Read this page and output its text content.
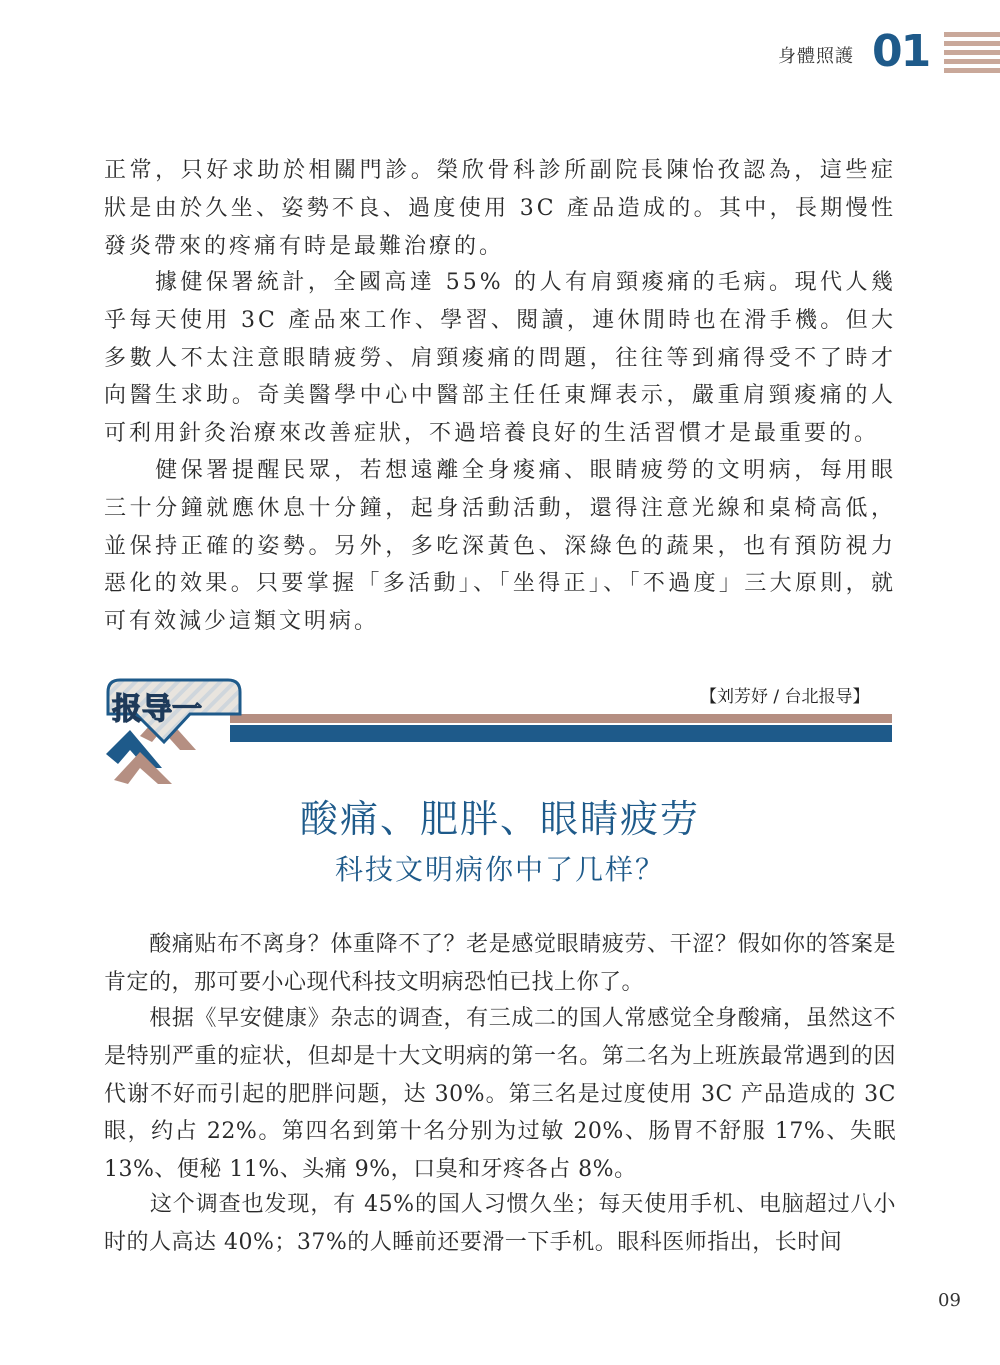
身體照護 01

正常，只好求助於相關門診。榮欣骨科診所副院長陳怡孜認為，這些症狀是由於久坐、姿勢不良、過度使用 3C 產品造成的。其中，長期慢性發炎帶來的疼痛有時是最難治療的。

　　據健保署統計，全國高達 55% 的人有肩頸痠痛的毛病。現代人幾乎每天使用 3C 產品來工作、學習、閱讀，連休閒時也在滑手機。但大多數人不太注意眼睛疲勞、肩頸痠痛的問題，往往等到痛得受不了時才向醫生求助。奇美醫學中心中醫部主任任東輝表示，嚴重肩頸痠痛的人可利用針灸治療來改善症狀，不過培養良好的生活習慣才是最重要的。

　　健保署提醒民眾，若想遠離全身痠痛、眼睛疲勞的文明病，每用眼三十分鐘就應休息十分鐘，起身活動活動，還得注意光線和桌椅高低，並保持正確的姿勢。另外，多吃深黃色、深綠色的蔬果，也有預防視力惡化的效果。只要掌握「多活動」、「坐得正」、「不過度」三大原則，就可有效減少這類文明病。

报导一	【刘芳妤 / 台北报导】
酸痛、肥胖、眼睛疲劳
科技文明病你中了几样？

　　酸痛贴布不离身？体重降不了？老是感觉眼睛疲劳、干涩？假如你的答案是肯定的，那可要小心现代科技文明病恐怕已找上你了。

　　根据《早安健康》杂志的调查，有三成二的国人常感觉全身酸痛，虽然这不是特别严重的症状，但却是十大文明病的第一名。第二名为上班族最常遇到的因代谢不好而引起的肥胖问题，达 30%。第三名是过度使用 3C 产品造成的 3C 眼，约占 22%。第四名到第十名分别为过敏 20%、肠胃不舒服 17%、失眠 13%、便秘 11%、头痛 9%，口臭和牙疼各占 8%。

　　这个调查也发现，有 45%的国人习惯久坐；每天使用手机、电脑超过八小时的人高达 40%；37%的人睡前还要滑一下手机。眼科医师指出，长时间

09
